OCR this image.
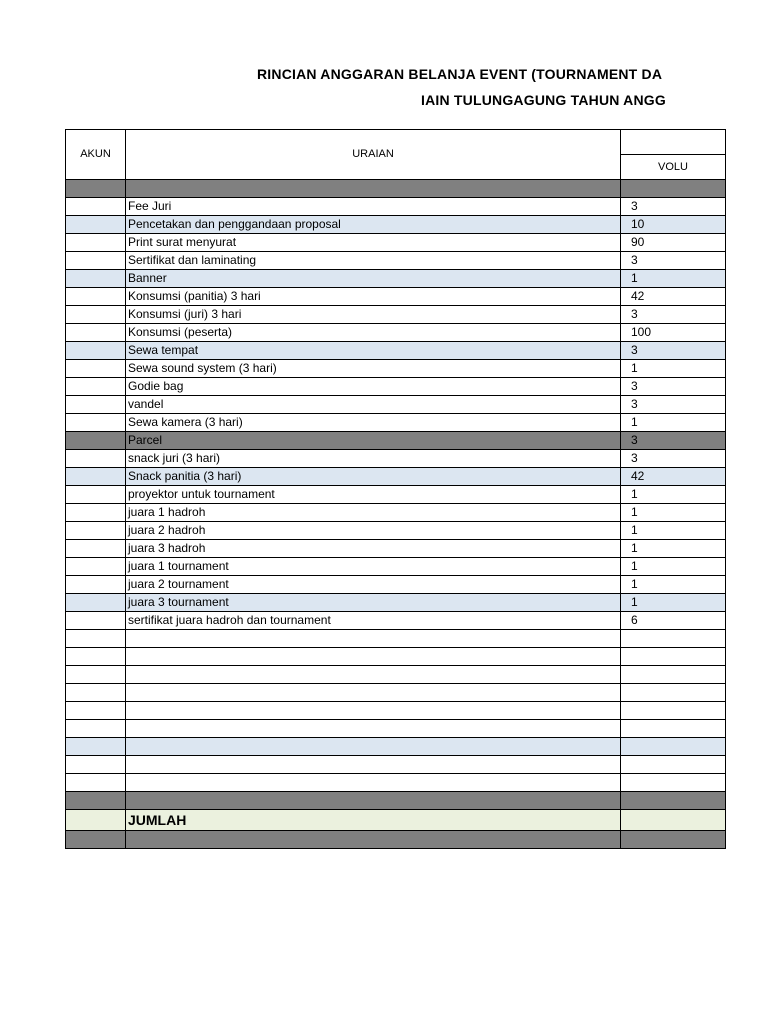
RINCIAN ANGGARAN BELANJA EVENT (TOURNAMENT DA
IAIN TULUNGAGUNG TAHUN ANGG
AKUN	URAIAN	
		VOLU

	Fee Juri	3
	Pencetakan dan penggandaan proposal	10
	Print surat menyurat	90
	Sertifikat dan laminating	3
	Banner	1
	Konsumsi (panitia) 3 hari	42
	Konsumsi (juri) 3 hari	3
	Konsumsi (peserta)	100
	Sewa tempat	3
	Sewa sound system (3 hari)	1
	Godie bag	3
	vandel	3
	Sewa kamera (3 hari)	1
	Parcel	3
	snack juri (3 hari)	3
	Snack panitia (3 hari)	42
	proyektor untuk tournament	1
	juara 1 hadroh	1
	juara 2 hadroh	1
	juara 3 hadroh	1
	juara 1 tournament	1
	juara 2 tournament	1
	juara 3 tournament	1
	sertifikat juara hadroh dan tournament	6

	JUMLAH	
